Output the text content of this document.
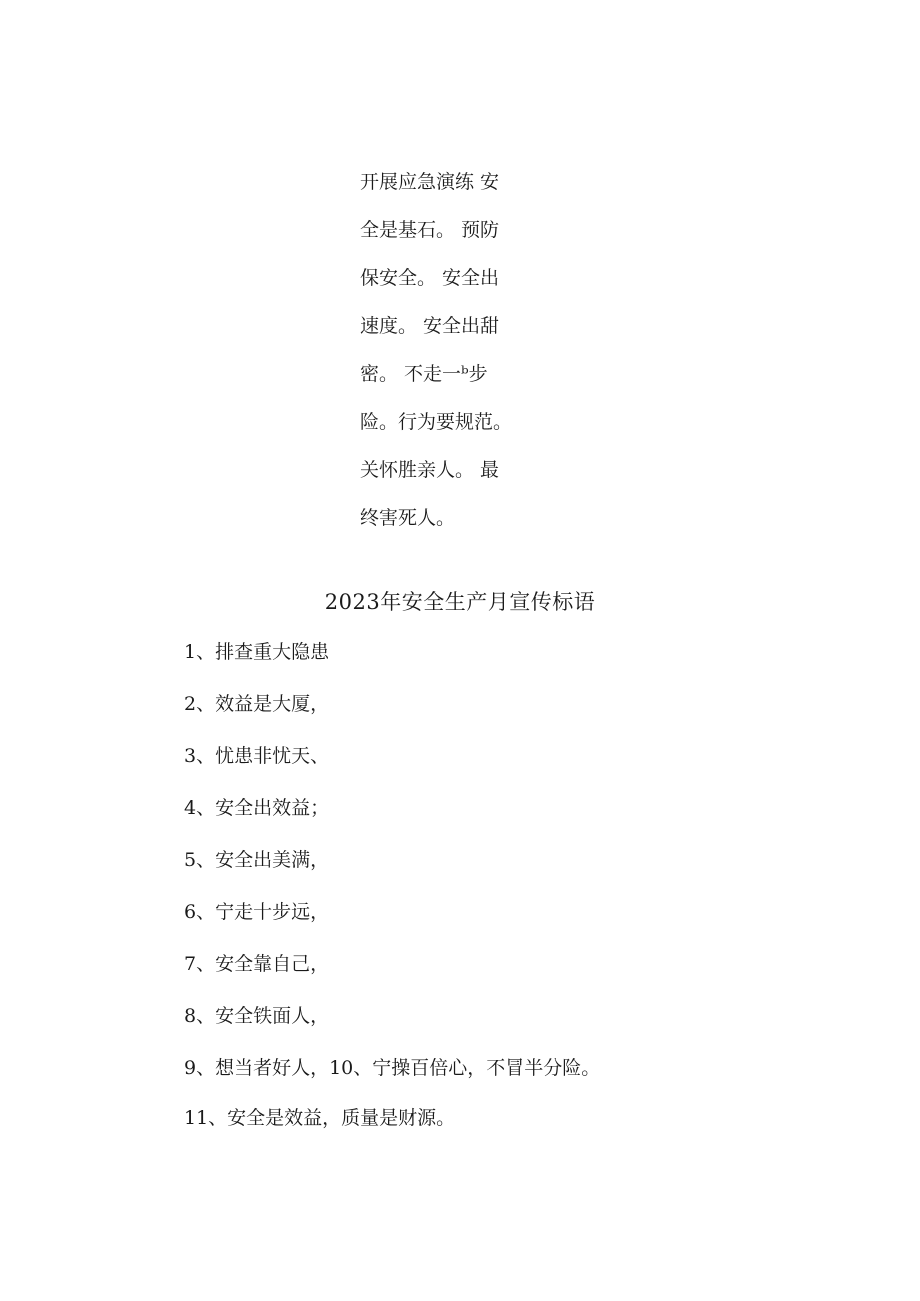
开展应急演练 安
全是基石。 预防
保安全。 安全出
速度。 安全出甜
密。 不走一ᵇ步
险。行为要规范。
关怀胜亲人。 最
终害死人。
2023年安全生产月宣传标语
1、排查重大隐患
2、效益是大厦，
3、忧患非忧天、
4、安全出效益；
5、安全出美满，
6、宁走十步远，
7、安全靠自己，
8、安全铁面人，
9、想当者好人，10、宁操百倍心，不冒半分险。
11、安全是效益，质量是财源。
